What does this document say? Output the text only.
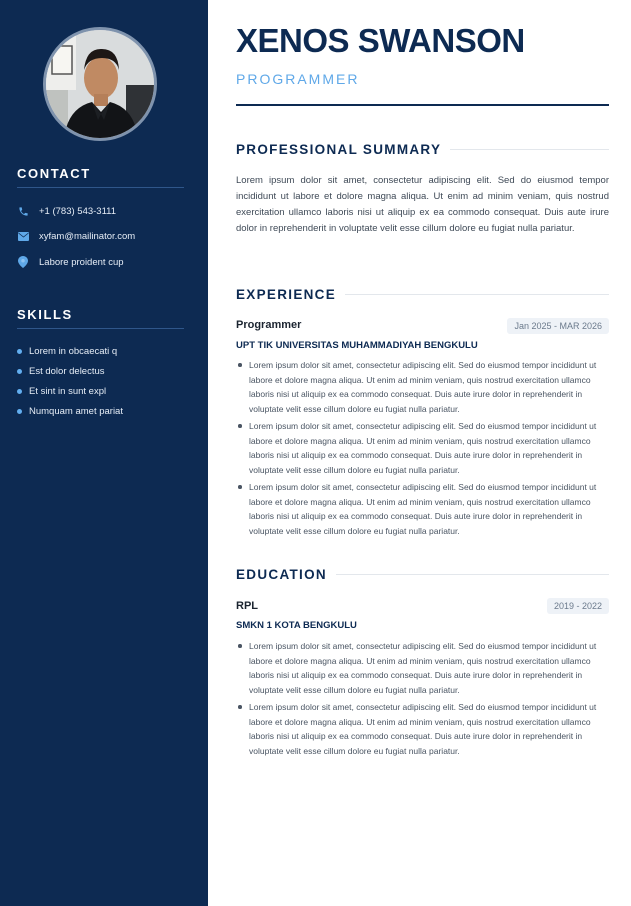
CONTACT
+1 (783) 543-3111
xyfam@mailinator.com
Labore proident cup
SKILLS
Lorem in obcaecati q
Est dolor delectus
Et sint in sunt expl
Numquam amet pariat
XENOS SWANSON
PROGRAMMER
PROFESSIONAL SUMMARY

Lorem ipsum dolor sit amet, consectetur adipiscing elit. Sed do eiusmod tempor incididunt ut labore et dolore magna aliqua. Ut enim ad minim veniam, quis nostrud exercitation ullamco laboris nisi ut aliquip ex ea commodo consequat. Duis aute irure dolor in reprehenderit in voluptate velit esse cillum dolore eu fugiat nulla pariatur.

EXPERIENCE
Programmer	Jan 2025 - MAR 2026
UPT TIK UNIVERSITAS MUHAMMADIYAH BENGKULU
Lorem ipsum dolor sit amet, consectetur adipiscing elit. Sed do eiusmod tempor incididunt ut labore et dolore magna aliqua. Ut enim ad minim veniam, quis nostrud exercitation ullamco laboris nisi ut aliquip ex ea commodo consequat. Duis aute irure dolor in reprehenderit in voluptate velit esse cillum dolore eu fugiat nulla pariatur.
Lorem ipsum dolor sit amet, consectetur adipiscing elit. Sed do eiusmod tempor incididunt ut labore et dolore magna aliqua. Ut enim ad minim veniam, quis nostrud exercitation ullamco laboris nisi ut aliquip ex ea commodo consequat. Duis aute irure dolor in reprehenderit in voluptate velit esse cillum dolore eu fugiat nulla pariatur.
Lorem ipsum dolor sit amet, consectetur adipiscing elit. Sed do eiusmod tempor incididunt ut labore et dolore magna aliqua. Ut enim ad minim veniam, quis nostrud exercitation ullamco laboris nisi ut aliquip ex ea commodo consequat. Duis aute irure dolor in reprehenderit in voluptate velit esse cillum dolore eu fugiat nulla pariatur.
EDUCATION
RPL	2019 - 2022
SMKN 1 KOTA BENGKULU
Lorem ipsum dolor sit amet, consectetur adipiscing elit. Sed do eiusmod tempor incididunt ut labore et dolore magna aliqua. Ut enim ad minim veniam, quis nostrud exercitation ullamco laboris nisi ut aliquip ex ea commodo consequat. Duis aute irure dolor in reprehenderit in voluptate velit esse cillum dolore eu fugiat nulla pariatur.
Lorem ipsum dolor sit amet, consectetur adipiscing elit. Sed do eiusmod tempor incididunt ut labore et dolore magna aliqua. Ut enim ad minim veniam, quis nostrud exercitation ullamco laboris nisi ut aliquip ex ea commodo consequat. Duis aute irure dolor in reprehenderit in voluptate velit esse cillum dolore eu fugiat nulla pariatur.
